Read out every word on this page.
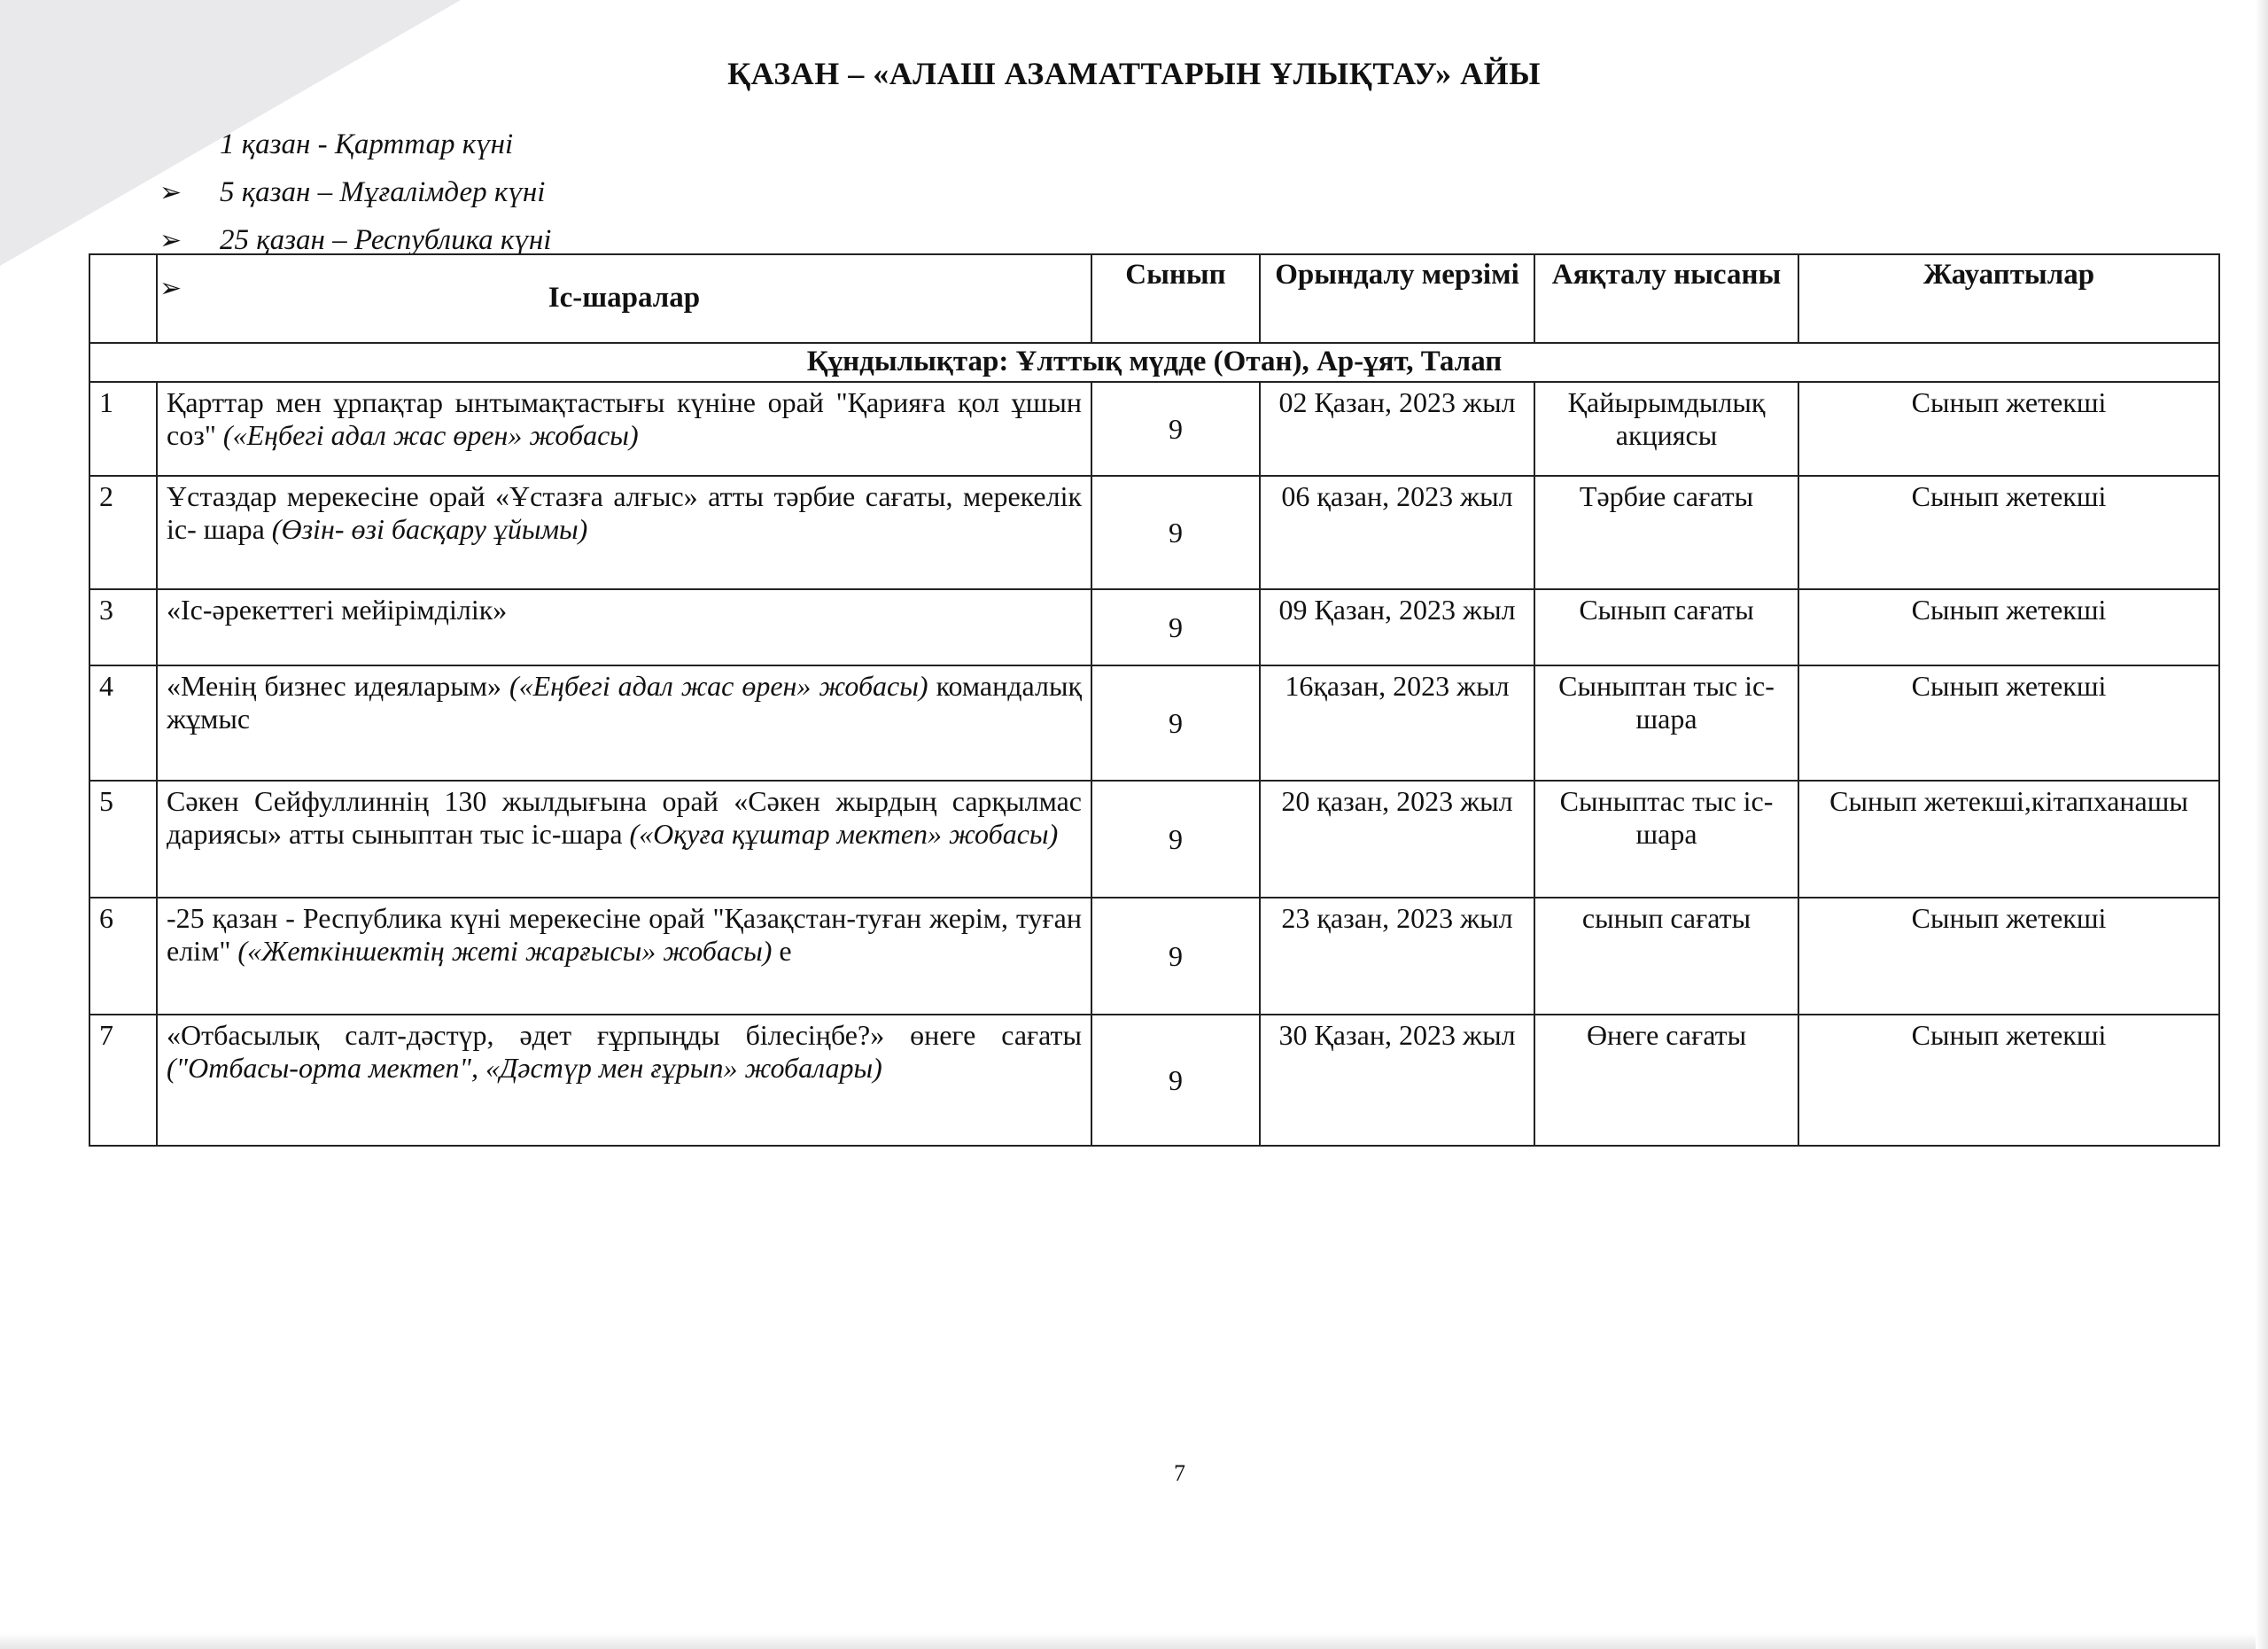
ҚАЗАН – «АЛАШ АЗАМАТТАРЫН ҰЛЫҚТАУ» АЙЫ
1 қазан - Қарттар күні
➢	5 қазан – Мұғалімдер күні
➢	25 қазан – Республика күні
➢
		Іс-шаралар	Сынып	Орындалу мерзімі	Аяқталу нысаны	Жауаптылар
Құндылықтар: Ұлттық мүдде (Отан), Ар-ұят, Талап					
1	Қарттар мен ұрпақтар ынтымақтастығы күніне орай "Қарияға қол ұшын соз" («Еңбегі адал жас өрен» жобасы)	9	02 Қазан, 2023 жыл	Қайырымдылық акциясы	Сынып жетекші
2	Ұстаздар мерекесіне орай «Ұстазға алғыс» атты тәрбие сағаты, мерекелік іс- шара (Өзін- өзі басқару ұйымы)	9	06 қазан, 2023 жыл	Тәрбие сағаты	Сынып жетекші
3	«Іс-әрекеттегі мейірімділік»	9	09 Қазан, 2023 жыл	Сынып сағаты	Сынып жетекші
4	«Менің бизнес идеяларым» («Еңбегі адал жас өрен» жобасы) командалық жұмыс	9	16қазан, 2023 жыл	Сыныптан тыс іс-шара	Сынып жетекші
5	Сәкен Сейфуллиннің 130 жылдығына орай «Сәкен жырдың сарқылмас дариясы» атты сыныптан тыс іс-шара («Оқуға құштар мектеп» жобасы)	9	20 қазан, 2023 жыл	Сыныптас тыс іс-шара	Сынып жетекші,кітапханашы
6	-25 қазан - Республика күні мерекесіне орай "Қазақстан-туған жерім, туған елім" («Жеткіншектің жеті жарғысы» жобасы) е	9	23 қазан, 2023 жыл	сынып сағаты	Сынып жетекші
7	«Отбасылық салт-дәстүр, әдет ғұрпыңды білесіңбе?» өнеге сағаты ("Отбасы-орта мектеп", «Дәстүр мен ғұрып» жобалары)	9	30 Қазан, 2023 жыл	Өнеге сағаты	Сынып жетекші
7
